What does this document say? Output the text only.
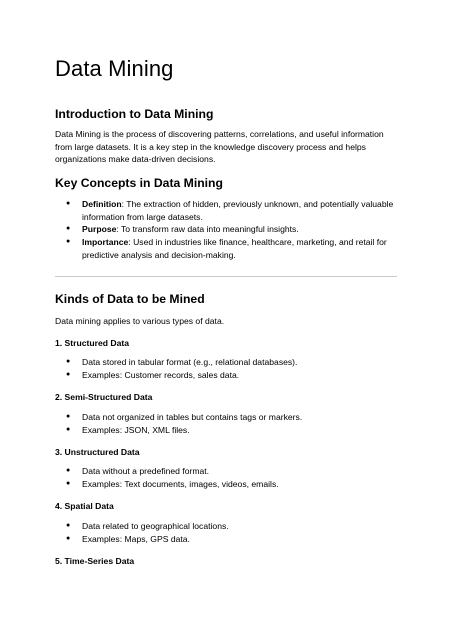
Data Mining
Introduction to Data Mining

Data Mining is the process of discovering patterns, correlations, and useful information from large datasets. It is a key step in the knowledge discovery process and helps organizations make data-driven decisions.

Key Concepts in Data Mining
● Definition: The extraction of hidden, previously unknown, and potentially valuable information from large datasets.
● Purpose: To transform raw data into meaningful insights.
● Importance: Used in industries like finance, healthcare, marketing, and retail for predictive analysis and decision-making.
Kinds of Data to be Mined

Data mining applies to various types of data.

1. Structured Data
● Data stored in tabular format (e.g., relational databases).
● Examples: Customer records, sales data.
2. Semi-Structured Data
● Data not organized in tables but contains tags or markers.
● Examples: JSON, XML files.
3. Unstructured Data
● Data without a predefined format.
● Examples: Text documents, images, videos, emails.
4. Spatial Data
● Data related to geographical locations.
● Examples: Maps, GPS data.
5. Time-Series Data
